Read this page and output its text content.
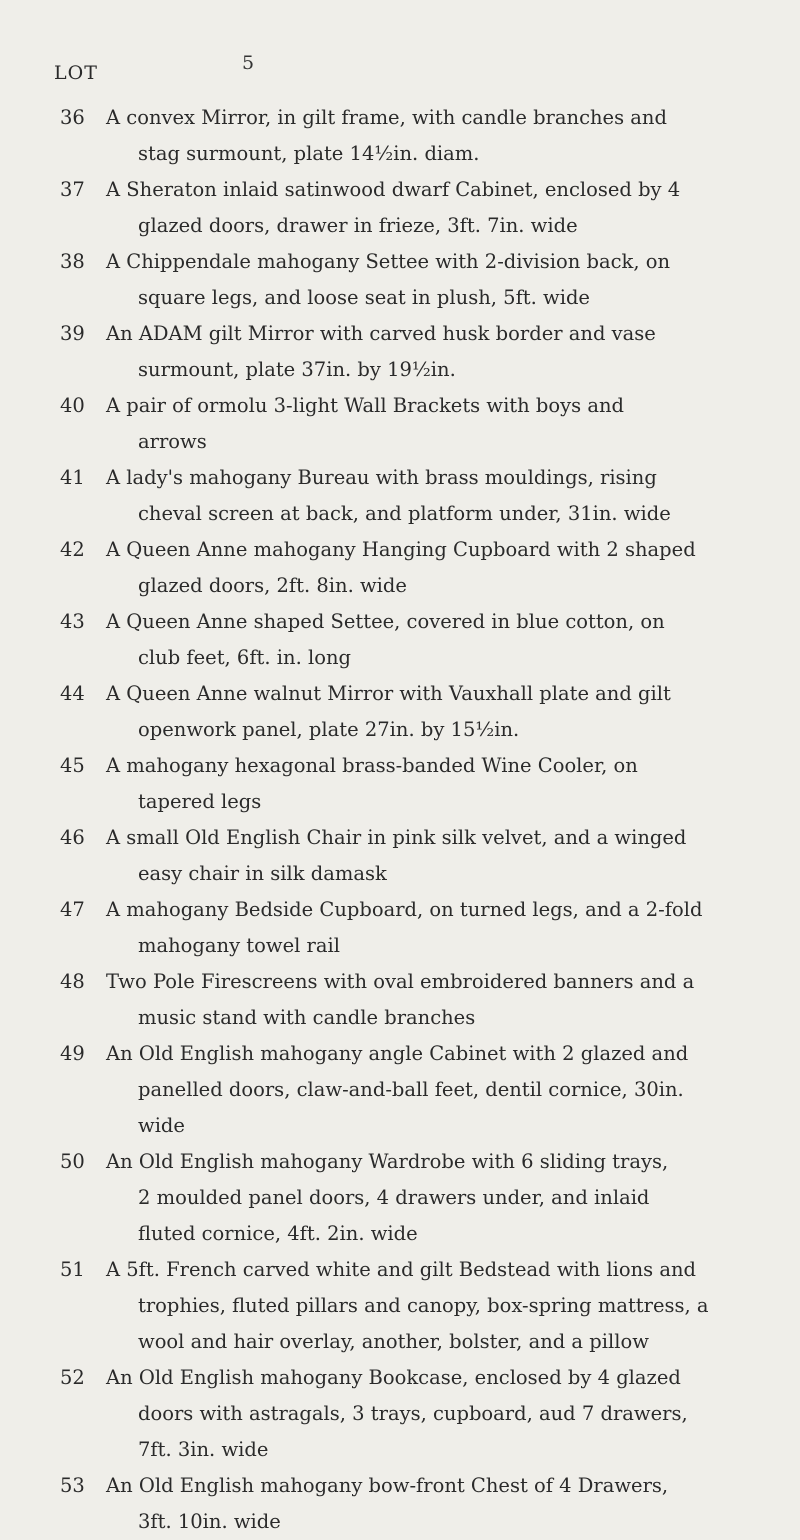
5
LOT
36	A convex Mirror, in gilt frame, with candle branches and
stag surmount, plate 14½in. diam.
37	A Sheraton inlaid satinwood dwarf Cabinet, enclosed by 4
glazed doors, drawer in frieze, 3ft. 7in. wide
38	A Chippendale mahogany Settee with 2-division back, on
square legs, and loose seat in plush, 5ft. wide
39	An ADAM gilt Mirror with carved husk border and vase
surmount, plate 37in. by 19½in.
40	A pair of ormolu 3-light Wall Brackets with boys and
arrows
41	A lady's mahogany Bureau with brass mouldings, rising
cheval screen at back, and platform under, 31in. wide
42	A Queen Anne mahogany Hanging Cupboard with 2 shaped
glazed doors, 2ft. 8in. wide
43	A Queen Anne shaped Settee, covered in blue cotton, on
club feet, 6ft. in. long
44	A Queen Anne walnut Mirror with Vauxhall plate and gilt
openwork panel, plate 27in. by 15½in.
45	A mahogany hexagonal brass-banded Wine Cooler, on
tapered legs
46	A small Old English Chair in pink silk velvet, and a winged
easy chair in silk damask
47	A mahogany Bedside Cupboard, on turned legs, and a 2-fold
mahogany towel rail
48	Two Pole Firescreens with oval embroidered banners and a
music stand with candle branches
49	An Old English mahogany angle Cabinet with 2 glazed and
panelled doors, claw-and-ball feet, dentil cornice, 30in.
wide
50	An Old English mahogany Wardrobe with 6 sliding trays,
2 moulded panel doors, 4 drawers under, and inlaid
fluted cornice, 4ft. 2in. wide
51	A 5ft. French carved white and gilt Bedstead with lions and
trophies, fluted pillars and canopy, box-spring mattress, a
wool and hair overlay, another, bolster, and a pillow
52	An Old English mahogany Bookcase, enclosed by 4 glazed
doors with astragals, 3 trays, cupboard, aud 7 drawers,
7ft. 3in. wide
53	An Old English mahogany bow-front Chest of 4 Drawers,
3ft. 10in. wide
